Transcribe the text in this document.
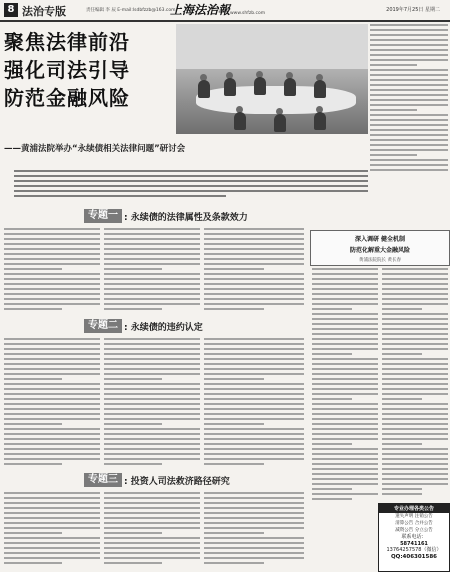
8 法治专版	责任编辑 李 辰 E-mail:lsdbfzzb@163.com
上海法治報 www.shfzb.com
2019年7月25日 星期二
聚焦法律前沿
强化司法引导
防范金融风险
——黄浦法院举办“永续债相关法律问题”研讨会
专题一 : 永续债的法律属性及条款效力
专题二 : 永续债的违约认定
专题三 : 投资人司法救济路径研究
深入调研 健全机制
防范化解重大金融风险
黄浦法院院长 黄长春
专业办理各类公告
遗失声明 注销公告
清算公告 合并公告
减资公告 分立公告
联系电话：
58741161
13764257578（微信）
QQ:406301586
